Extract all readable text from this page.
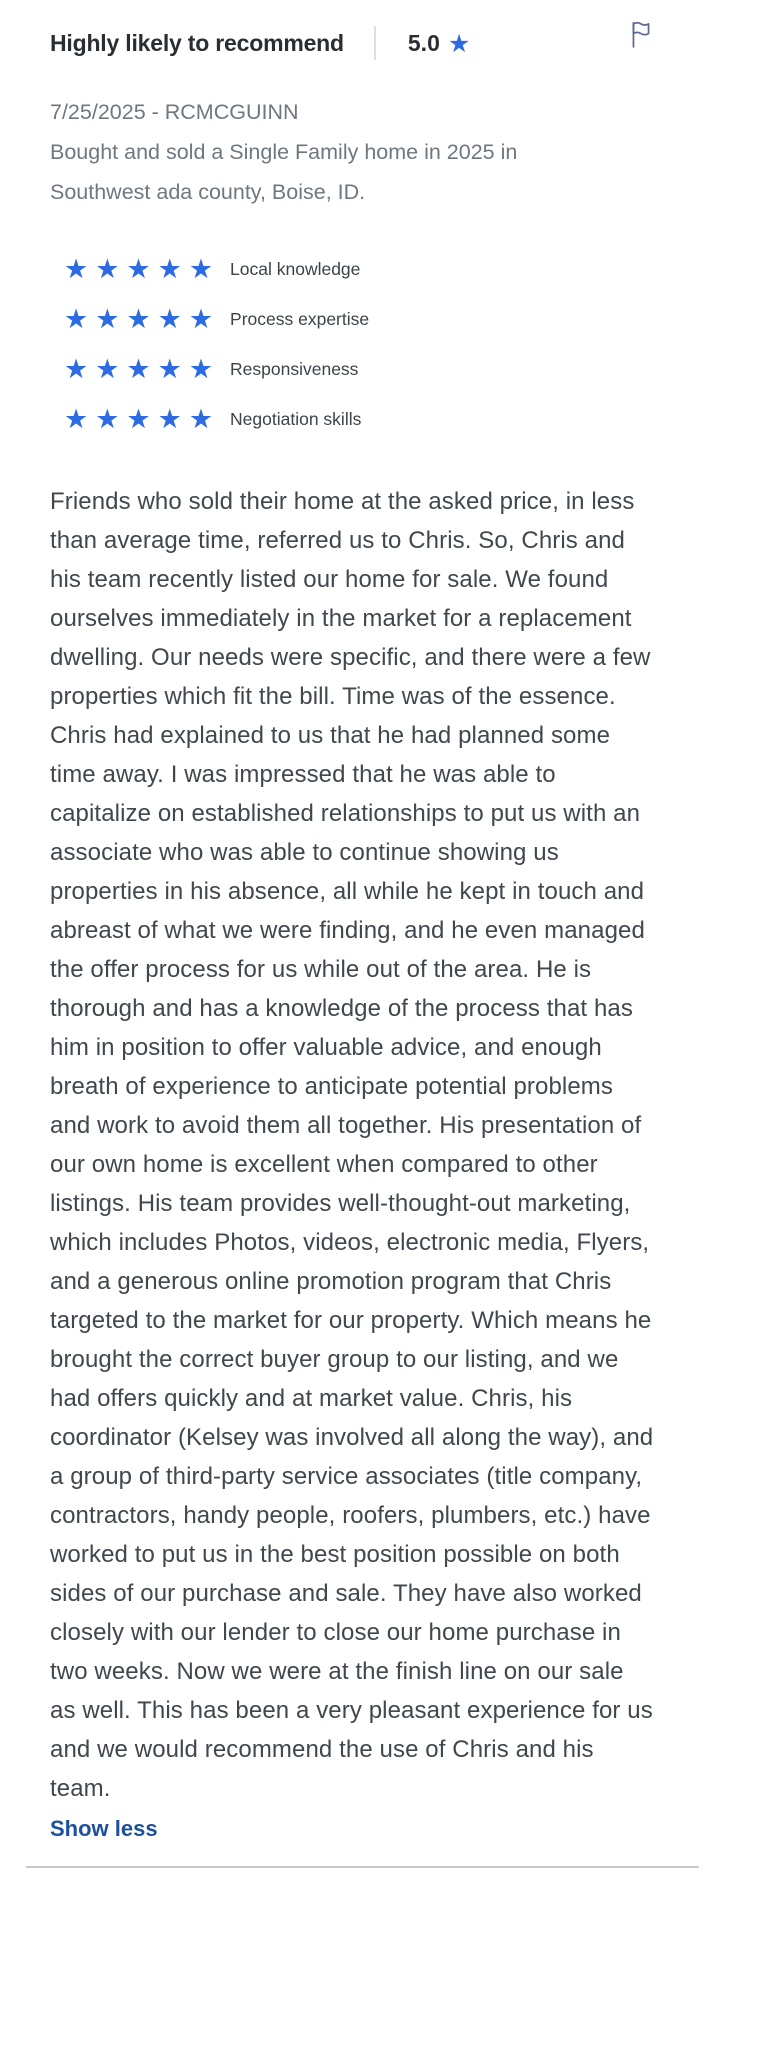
Highly likely to recommend	5.0 ★

7/25/2025 - RCMCGUINN

Bought and sold a Single Family home in 2025 in Southwest ada county, Boise, ID.

★★★★★ Local knowledge
★★★★★ Process expertise
★★★★★ Responsiveness
★★★★★ Negotiation skills

Friends who sold their home at the asked price, in less than average time, referred us to Chris. So, Chris and his team recently listed our home for sale. We found ourselves immediately in the market for a replacement dwelling. Our needs were specific, and there were a few properties which fit the bill. Time was of the essence. Chris had explained to us that he had planned some time away. I was impressed that he was able to capitalize on established relationships to put us with an associate who was able to continue showing us properties in his absence, all while he kept in touch and abreast of what we were finding, and he even managed the offer process for us while out of the area. He is thorough and has a knowledge of the process that has him in position to offer valuable advice, and enough breath of experience to anticipate potential problems and work to avoid them all together. His presentation of our own home is excellent when compared to other listings. His team provides well-thought-out marketing, which includes Photos, videos, electronic media, Flyers, and a generous online promotion program that Chris targeted to the market for our property. Which means he brought the correct buyer group to our listing, and we had offers quickly and at market value. Chris, his coordinator (Kelsey was involved all along the way), and a group of third-party service associates (title company, contractors, handy people, roofers, plumbers, etc.) have worked to put us in the best position possible on both sides of our purchase and sale. They have also worked closely with our lender to close our home purchase in two weeks. Now we were at the finish line on our sale as well. This has been a very pleasant experience for us and we would recommend the use of Chris and his team.

Show less
